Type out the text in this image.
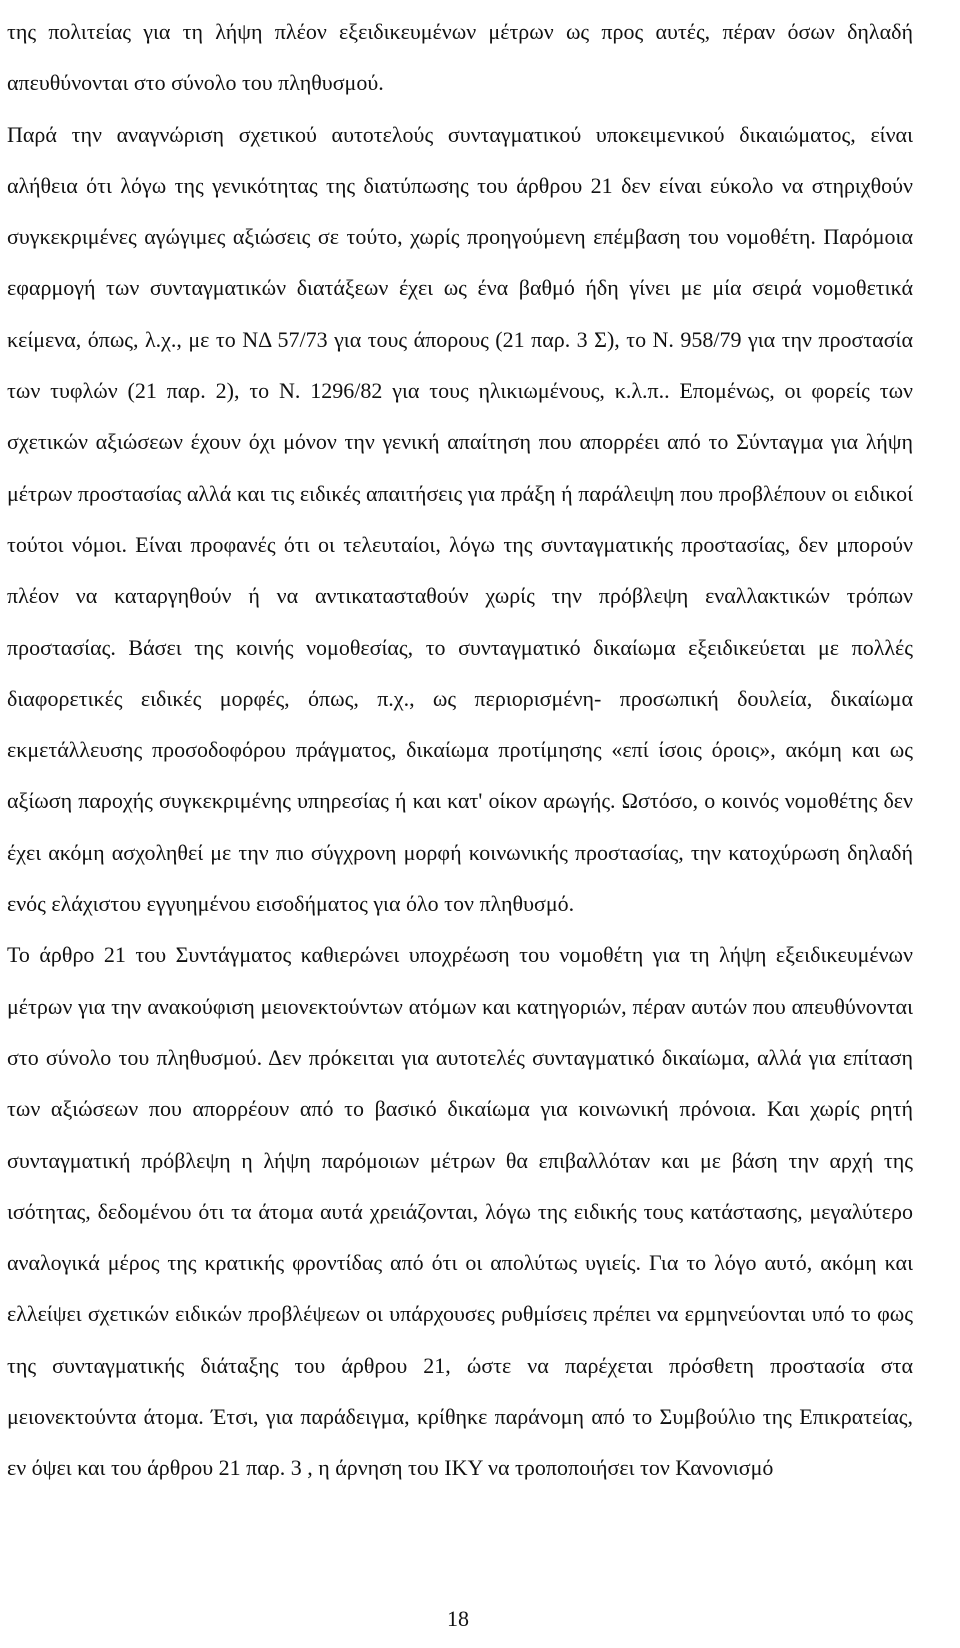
της πολιτείας για τη λήψη πλέον εξειδικευμένων μέτρων ως προς αυτές, πέραν όσων δηλαδή απευθύνονται στο σύνολο του πληθυσμού.

Παρά την αναγνώριση σχετικού αυτοτελούς συνταγματικού υποκειμενικού δικαιώματος, είναι αλήθεια ότι λόγω της γενικότητας της διατύπωσης του άρθρου 21 δεν είναι εύκολο να στηριχθούν συγκεκριμένες αγώγιμες αξιώσεις σε τούτο, χωρίς προηγούμενη επέμβαση του νομοθέτη. Παρόμοια εφαρμογή των συνταγματικών διατάξεων έχει ως ένα βαθμό ήδη γίνει με μία σειρά νομοθετικά κείμενα, όπως, λ.χ., με το ΝΔ 57/73 για τους άπορους (21 παρ. 3 Σ), το Ν. 958/79 για την προστασία των τυφλών (21 παρ. 2), το Ν. 1296/82 για τους ηλικιωμένους, κ.λ.π.. Επομένως, οι φορείς των σχετικών αξιώσεων έχουν όχι μόνον την γενική απαίτηση που απορρέει από το Σύνταγμα για λήψη μέτρων προστασίας αλλά και τις ειδικές απαιτήσεις για πράξη ή παράλειψη που προβλέπουν οι ειδικοί τούτοι νόμοι. Είναι προφανές ότι οι τελευταίοι, λόγω της συνταγματικής προστασίας, δεν μπορούν πλέον να καταργηθούν ή να αντικατασταθούν χωρίς την πρόβλεψη εναλλακτικών τρόπων προστασίας. Βάσει της κοινής νομοθεσίας, το συνταγματικό δικαίωμα εξειδικεύεται με πολλές διαφορετικές ειδικές μορφές, όπως, π.χ., ως περιορισμένη- προσωπική δουλεία, δικαίωμα εκμετάλλευσης προσοδοφόρου πράγματος, δικαίωμα προτίμησης «επί ίσοις όροις», ακόμη και ως αξίωση παροχής συγκεκριμένης υπηρεσίας ή και κατ' οίκον αρωγής. Ωστόσο, ο κοινός νομοθέτης δεν έχει ακόμη ασχοληθεί με την πιο σύγχρονη μορφή κοινωνικής προστασίας, την κατοχύρωση δηλαδή ενός ελάχιστου εγγυημένου εισοδήματος για όλο τον πληθυσμό.

Το άρθρο 21 του Συντάγματος καθιερώνει υποχρέωση του νομοθέτη για τη λήψη εξειδικευμένων μέτρων για την ανακούφιση μειονεκτούντων ατόμων και κατηγοριών, πέραν αυτών που απευθύνονται στο σύνολο του πληθυσμού. Δεν πρόκειται για αυτοτελές συνταγματικό δικαίωμα, αλλά για επίταση των αξιώσεων που απορρέουν από το βασικό δικαίωμα για κοινωνική πρόνοια. Και χωρίς ρητή συνταγματική πρόβλεψη η λήψη παρόμοιων μέτρων θα επιβαλλόταν και με βάση την αρχή της ισότητας, δεδομένου ότι τα άτομα αυτά χρειάζονται, λόγω της ειδικής τους κατάστασης, μεγαλύτερο αναλογικά μέρος της κρατικής φροντίδας από ότι οι απολύτως υγιείς. Για το λόγο αυτό, ακόμη και ελλείψει σχετικών ειδικών προβλέψεων οι υπάρχουσες ρυθμίσεις πρέπει να ερμηνεύονται υπό το φως της συνταγματικής διάταξης του άρθρου 21, ώστε να παρέχεται πρόσθετη προστασία στα μειονεκτούντα άτομα. Έτσι, για παράδειγμα, κρίθηκε παράνομη από το Συμβούλιο της Επικρατείας, εν όψει και του άρθρου 21 παρ. 3 , η άρνηση του ΙΚΥ να τροποποιήσει τον Κανονισμό

18
